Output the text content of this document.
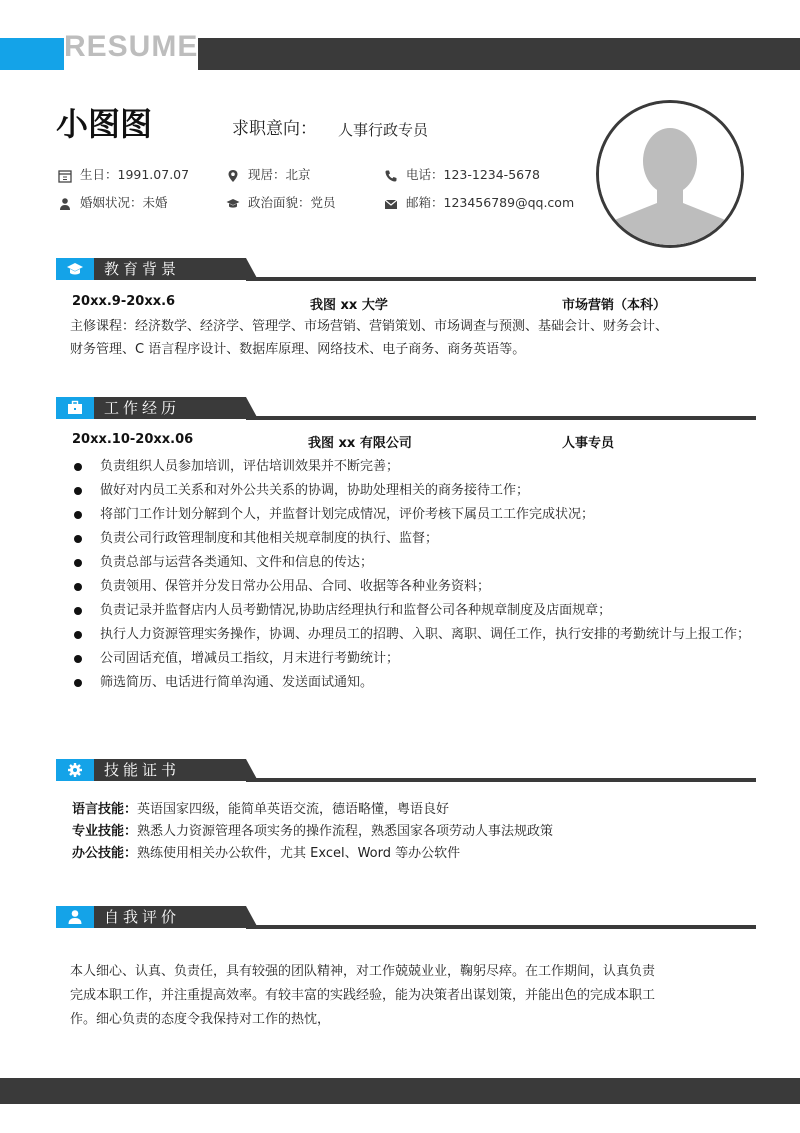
RESUME
小图图	求职意向： 人事行政专员
生日：1991.07.07	现居：北京	电话：123-1234-5678
婚姻状况：未婚	政治面貌：党员	邮箱：123456789@qq.com
教育背景
20xx.9-20xx.6	我图 xx 大学	市场营销（本科）
主修课程：经济数学、经济学、管理学、市场营销、营销策划、市场调查与预测、基础会计、财务会计、
财务管理、C 语言程序设计、数据库原理、网络技术、电子商务、商务英语等。
工作经历
20xx.10-20xx.06	我图 xx 有限公司	人事专员
负责组织人员参加培训，评估培训效果并不断完善；
做好对内员工关系和对外公共关系的协调，协助处理相关的商务接待工作；
将部门工作计划分解到个人，并监督计划完成情况，评价考核下属员工工作完成状况；
负责公司行政管理制度和其他相关规章制度的执行、监督；
负责总部与运营各类通知、文件和信息的传达；
负责领用、保管并分发日常办公用品、合同、收据等各种业务资料；
负责记录并监督店内人员考勤情况,协助店经理执行和监督公司各种规章制度及店面规章；
执行人力资源管理实务操作，协调、办理员工的招聘、入职、离职、调任工作，执行安排的考勤统计与上报工作；
公司固话充值，增减员工指纹，月末进行考勤统计；
筛选简历、电话进行简单沟通、发送面试通知。
技能证书
语言技能：英语国家四级，能简单英语交流，德语略懂，粤语良好
专业技能：熟悉人力资源管理各项实务的操作流程，熟悉国家各项劳动人事法规政策
办公技能：熟练使用相关办公软件，尤其 Excel、Word 等办公软件
自我评价
本人细心、认真、负责任，具有较强的团队精神，对工作兢兢业业，鞠躬尽瘁。在工作期间，认真负责
完成本职工作，并注重提高效率。有较丰富的实践经验，能为决策者出谋划策，并能出色的完成本职工
作。细心负责的态度令我保持对工作的热忱，
